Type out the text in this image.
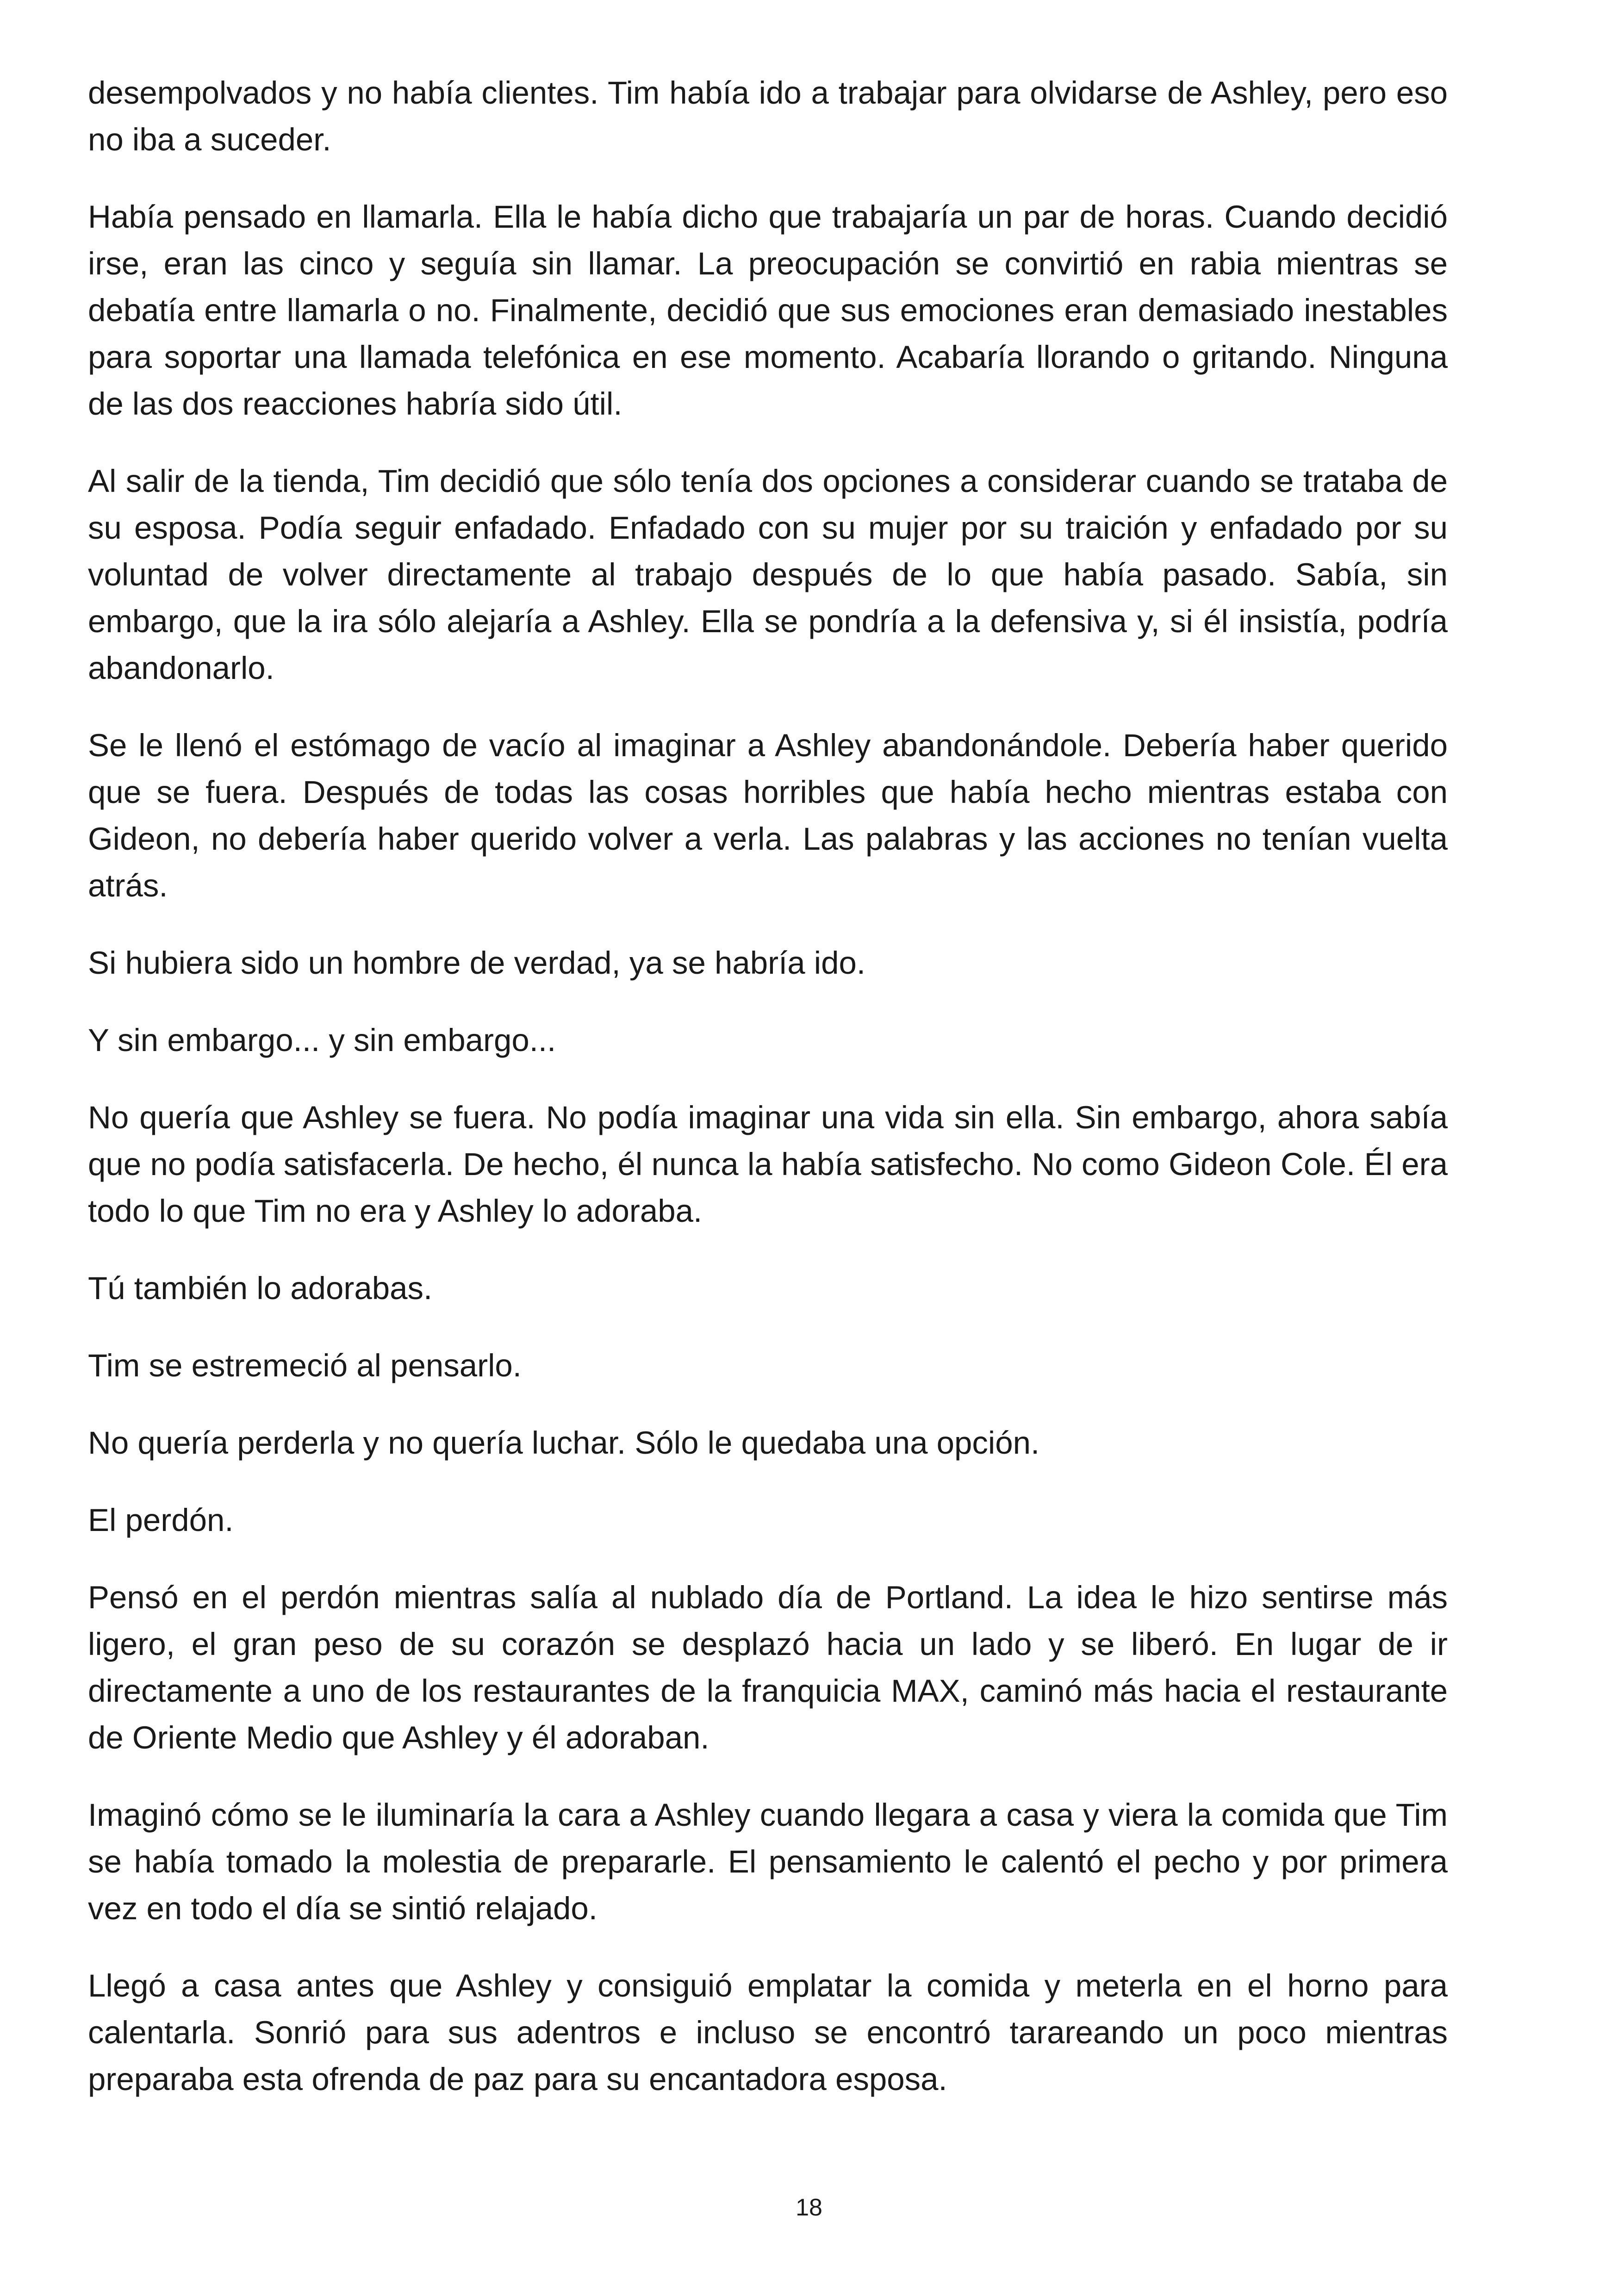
desempolvados y no había clientes. Tim había ido a trabajar para olvidarse de Ashley, pero eso no iba a suceder.

Había pensado en llamarla. Ella le había dicho que trabajaría un par de horas. Cuando decidió irse, eran las cinco y seguía sin llamar. La preocupación se convirtió en rabia mientras se debatía entre llamarla o no. Finalmente, decidió que sus emociones eran demasiado inestables para soportar una llamada telefónica en ese momento. Acabaría llorando o gritando. Ninguna de las dos reacciones habría sido útil.

Al salir de la tienda, Tim decidió que sólo tenía dos opciones a considerar cuando se trataba de su esposa. Podía seguir enfadado. Enfadado con su mujer por su traición y enfadado por su voluntad de volver directamente al trabajo después de lo que había pasado. Sabía, sin embargo, que la ira sólo alejaría a Ashley. Ella se pondría a la defensiva y, si él insistía, podría abandonarlo.

Se le llenó el estómago de vacío al imaginar a Ashley abandonándole. Debería haber querido que se fuera. Después de todas las cosas horribles que había hecho mientras estaba con Gideon, no debería haber querido volver a verla. Las palabras y las acciones no tenían vuelta atrás.

Si hubiera sido un hombre de verdad, ya se habría ido.

Y sin embargo... y sin embargo...

No quería que Ashley se fuera. No podía imaginar una vida sin ella. Sin embargo, ahora sabía que no podía satisfacerla. De hecho, él nunca la había satisfecho. No como Gideon Cole. Él era todo lo que Tim no era y Ashley lo adoraba.

Tú también lo adorabas.

Tim se estremeció al pensarlo.

No quería perderla y no quería luchar. Sólo le quedaba una opción.

El perdón.

Pensó en el perdón mientras salía al nublado día de Portland. La idea le hizo sentirse más ligero, el gran peso de su corazón se desplazó hacia un lado y se liberó. En lugar de ir directamente a uno de los restaurantes de la franquicia MAX, caminó más hacia el restaurante de Oriente Medio que Ashley y él adoraban.

Imaginó cómo se le iluminaría la cara a Ashley cuando llegara a casa y viera la comida que Tim se había tomado la molestia de prepararle. El pensamiento le calentó el pecho y por primera vez en todo el día se sintió relajado.

Llegó a casa antes que Ashley y consiguió emplatar la comida y meterla en el horno para calentarla. Sonrió para sus adentros e incluso se encontró tarareando un poco mientras preparaba esta ofrenda de paz para su encantadora esposa.

18
